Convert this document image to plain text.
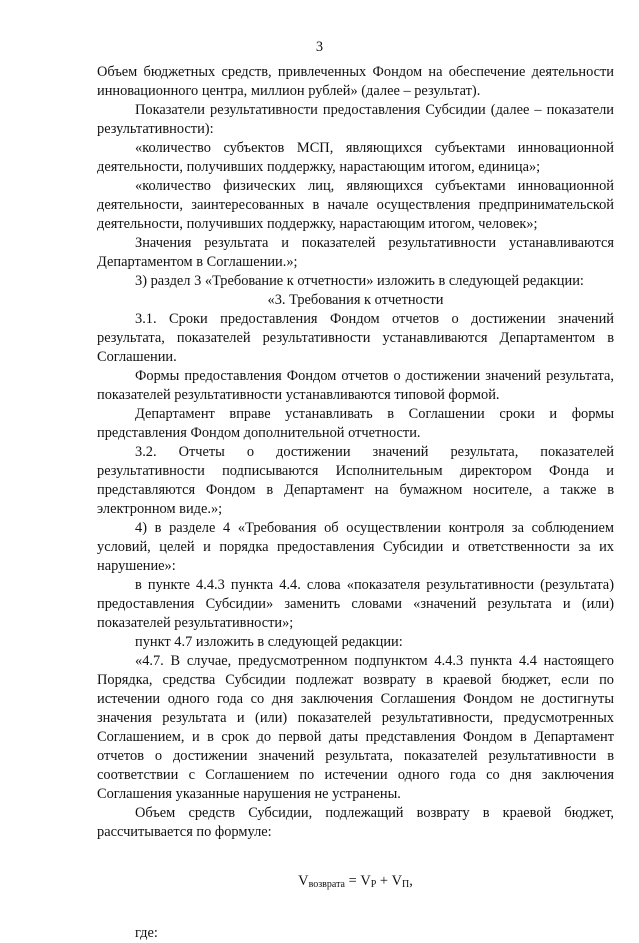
3

Объем бюджетных средств, привлеченных Фондом на обеспечение деятельности инновационного центра, миллион рублей» (далее – результат).

Показатели результативности предоставления Субсидии (далее – показатели результативности):

«количество субъектов МСП, являющихся субъектами инновационной деятельности, получивших поддержку, нарастающим итогом, единица»;

«количество физических лиц, являющихся субъектами инновационной деятельности, заинтересованных в начале осуществления предпринимательской деятельности, получивших поддержку, нарастающим итогом, человек»;

Значения результата и показателей результативности устанавливаются Департаментом в Соглашении.»;

3) раздел 3 «Требование к отчетности» изложить в следующей редакции:

«3. Требования к отчетности

3.1. Сроки предоставления Фондом отчетов о достижении значений результата, показателей результативности устанавливаются Департаментом в Соглашении.

Формы предоставления Фондом отчетов о достижении значений результата, показателей результативности устанавливаются типовой формой.

Департамент вправе устанавливать в Соглашении сроки и формы представления Фондом дополнительной отчетности.

3.2. Отчеты о достижении значений результата, показателей результативности подписываются Исполнительным директором Фонда и представляются Фондом в Департамент на бумажном носителе, а также в электронном виде.»;

4) в разделе 4 «Требования об осуществлении контроля за соблюдением условий, целей и порядка предоставления Субсидии и ответственности за их нарушение»:

в пункте 4.4.3 пункта 4.4. слова «показателя результативности (результата) предоставления Субсидии» заменить словами «значений результата и (или) показателей результативности»;

пункт 4.7 изложить в следующей редакции:

«4.7. В случае, предусмотренном подпунктом 4.4.3 пункта 4.4 настоящего Порядка, средства Субсидии подлежат возврату в краевой бюджет, если по истечении одного года со дня заключения Соглашения Фондом не достигнуты значения результата и (или) показателей результативности, предусмотренных Соглашением, и в срок до первой даты представления Фондом в Департамент отчетов о достижении значений результата, показателей результативности в соответствии с Соглашением по истечении одного года со дня заключения Соглашения указанные нарушения не устранены.

Объем средств Субсидии, подлежащий возврату в краевой бюджет, рассчитывается по формуле:

$V_{возврата} = V_Р + V_П$,

где:
